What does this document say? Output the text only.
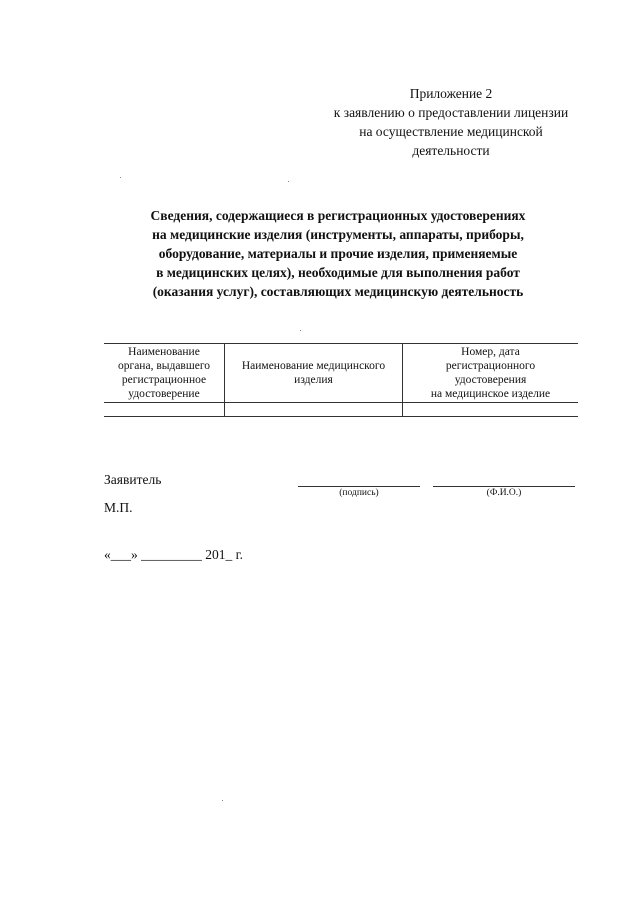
Приложение 2
к заявлению о предоставлении лицензии
на осуществление медицинской
деятельности
Сведения, содержащиеся в регистрационных удостоверениях
на медицинские изделия (инструменты, аппараты, приборы,
оборудование, материалы и прочие изделия, применяемые
в медицинских целях), необходимые для выполнения работ
(оказания услуг), составляющих медицинскую деятельность
Наименование
органа, выдавшего
регистрационное
удостоверение
Наименование медицинского
изделия
Номер, дата
регистрационного
удостоверения
на медицинское изделие
Заявитель
(подпись)	(Ф.И.О.)
М.П.
«___» _________ 201_ г.
